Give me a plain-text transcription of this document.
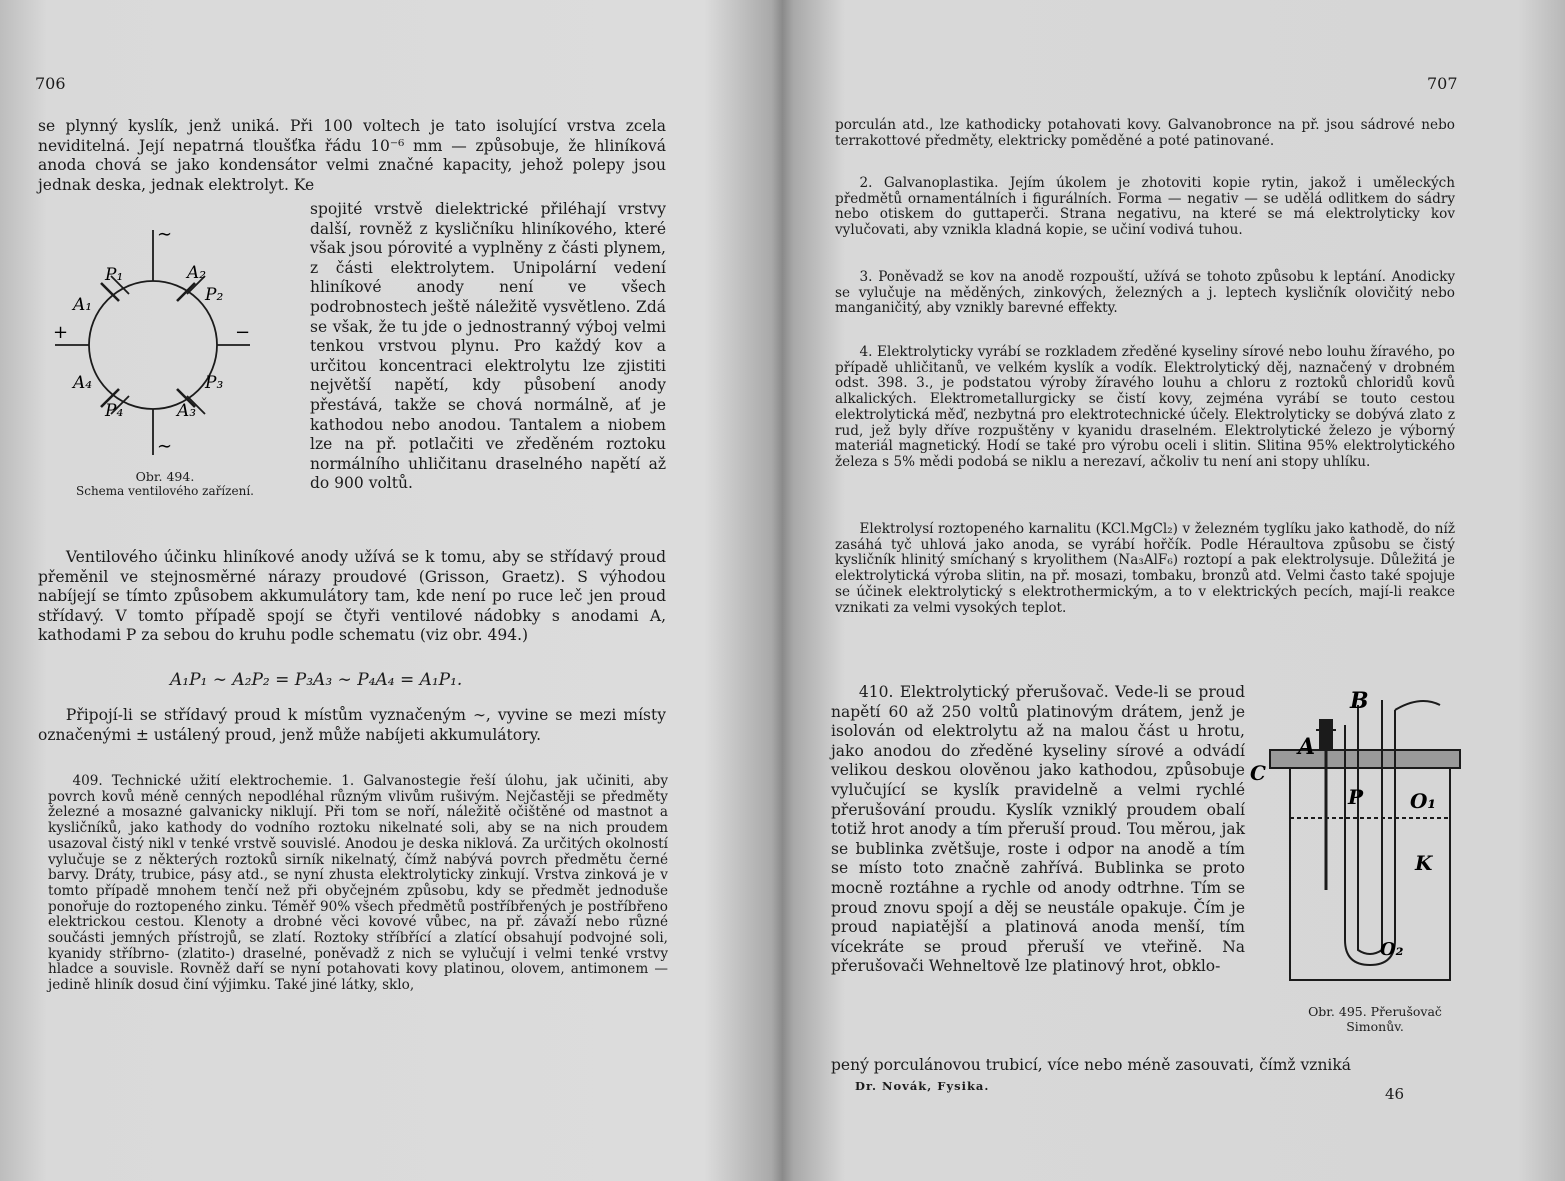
706
se plynný kyslík, jenž uniká. Při 100 voltech je tato isolující vrstva zcela neviditelná. Její nepatrná tloušťka řádu 10⁻⁶ mm — způsobuje, že hliníková anoda chová se jako kondensátor velmi značné kapacity, jehož polepy jsou jednak deska, jednak elektrolyt. Ke
∼
∼
+	−
A₁
P₁	A₂
P₂
P₃
A₃
P₄
A₄
Obr. 494.
Schema ventilového zařízení.
spojité vrstvě dielektrické přiléhají vrstvy další, rovněž z kysličníku hliníkového, které však jsou pórovité a vyplněny z části plynem, z části elektrolytem. Unipolární vedení hliníkové anody není ve všech podrobnostech ještě náležitě vysvětleno. Zdá se však, že tu jde o jednostranný výboj velmi tenkou vrstvou plynu. Pro každý kov a určitou koncentraci elektrolytu lze zjistiti největší napětí, kdy působení anody přestává, takže se chová normálně, ať je kathodou nebo anodou. Tantalem a niobem lze na př. potlačiti ve zředěném roztoku normálního uhličitanu draselného napětí až do 900 voltů.
Ventilového účinku hliníkové anody užívá se k tomu, aby se střídavý proud přeměnil ve stejnosměrné nárazy proudové (Grisson, Graetz). S výhodou nabíjejí se tímto způsobem akkumulátory tam, kde není po ruce leč jen proud střídavý. V tomto případě spojí se čtyři ventilové nádobky s anodami A, kathodami P za sebou do kruhu podle schematu (viz obr. 494.)
A₁P₁ ∼ A₂P₂ = P₃A₃ ∼ P₄A₄ = A₁P₁.
Připojí-li se střídavý proud k místům vyznačeným ∼, vyvine se mezi místy označenými ± ustálený proud, jenž může nabíjeti akkumulátory.
409. Technické užití elektrochemie. 1. Galvanostegie řeší úlohu, jak učiniti, aby povrch kovů méně cenných nepodléhal různým vlivům rušivým. Nejčastěji se předměty železné a mosazné galvanicky niklují. Při tom se noří, náležitě očištěné od mastnot a kysličníků, jako kathody do vodního roztoku nikelnaté soli, aby se na nich proudem usazoval čistý nikl v tenké vrstvě souvislé. Anodou je deska niklová. Za určitých okolností vylučuje se z některých roztoků sirník nikelnatý, čímž nabývá povrch předmětu černé barvy. Dráty, trubice, pásy atd., se nyní zhusta elektrolyticky zinkují. Vrstva zinková je v tomto případě mnohem tenčí než při obyčejném způsobu, kdy se předmět jednoduše ponořuje do roztopeného zinku. Téměř 90% všech předmětů postříbřených je postříbřeno elektrickou cestou. Klenoty a drobné věci kovové vůbec, na př. závaží nebo různé součásti jemných přístrojů, se zlatí. Roztoky stříbřící a zlatící obsahují podvojné soli, kyanidy stříbrno- (zlatito-) draselné, poněvadž z nich se vylučují i velmi tenké vrstvy hladce a souvisle. Rovněž daří se nyní potahovati kovy platinou, olovem, antimonem — jedině hliník dosud činí výjimku. Také jiné látky, sklo,
707
porculán atd., lze kathodicky potahovati kovy. Galvanobronce na př. jsou sádrové nebo terrakottové předměty, elektricky poměděné a poté patinované.
2. Galvanoplastika. Jejím úkolem je zhotoviti kopie rytin, jakož i uměleckých předmětů ornamentálních i figurálních. Forma — negativ — se udělá odlitkem do sádry nebo otiskem do guttaperči. Strana negativu, na které se má elektrolyticky kov vylučovati, aby vznikla kladná kopie, se učiní vodivá tuhou.
3. Poněvadž se kov na anodě rozpouští, užívá se tohoto způsobu k leptání. Anodicky se vylučuje na měděných, zinkových, železných a j. leptech kysličník olovičitý nebo manganičitý, aby vznikly barevné effekty.
4. Elektrolyticky vyrábí se rozkladem zředěné kyseliny sírové nebo louhu žíravého, po případě uhličitanů, ve velkém kyslík a vodík. Elektrolytický děj, naznačený v drobném odst. 398. 3., je podstatou výroby žíravého louhu a chloru z roztoků chloridů kovů alkalických. Elektrometallurgicky se čistí kovy, zejména vyrábí se touto cestou elektrolytická měď, nezbytná pro elektrotechnické účely. Elektrolyticky se dobývá zlato z rud, jež byly dříve rozpuštěny v kyanidu draselném. Elektrolytické železo je výborný materiál magnetický. Hodí se také pro výrobu oceli i slitin. Slitina 95% elektrolytického železa s 5% mědi podobá se niklu a nerezaví, ačkoliv tu není ani stopy uhlíku.
Elektrolysí roztopeného karnalitu (KCl.MgCl₂) v železném tyglíku jako kathodě, do níž zasáhá tyč uhlová jako anoda, se vyrábí hořčík. Podle Héraultova způsobu se čistý kysličník hlinitý smíchaný s kryolithem (Na₃AlF₆) roztopí a pak elektrolysuje. Důležitá je elektrolytická výroba slitin, na př. mosazi, tombaku, bronzů atd. Velmi často také spojuje se účinek elektrolytický s elektrothermickým, a to v elektrických pecích, mají-li reakce vznikati za velmi vysokých teplot.
410. Elektrolytický přerušovač. Vede-li se proud napětí 60 až 250 voltů platinovým drátem, jenž je isolován od elektrolytu až na malou část u hrotu, jako anodou do zředěné kyseliny sírové a odvádí velikou deskou olověnou jako kathodou, způsobuje vylučující se kyslík pravidelně a velmi rychlé přerušování proudu. Kyslík vzniklý proudem obalí totiž hrot anody a tím přeruší proud. Tou měrou, jak se bublinka zvětšuje, roste i odpor na anodě a tím se místo toto značně zahřívá. Bublinka se proto mocně roztáhne a rychle od anody odtrhne. Tím se proud znovu spojí a děj se neustále opakuje. Čím je proud napiatější a platinová anoda menší, tím vícekráte se proud přeruší ve vteřině. Na přerušovači Wehneltově lze platinový hrot, obklo-
B
A
C
P O₁
K
O₂
Obr. 495. Přerušovač Simonův.
pený porculánovou trubicí, více nebo méně zasouvati, čímž vzniká
Dr. Novák, Fysika.	46
